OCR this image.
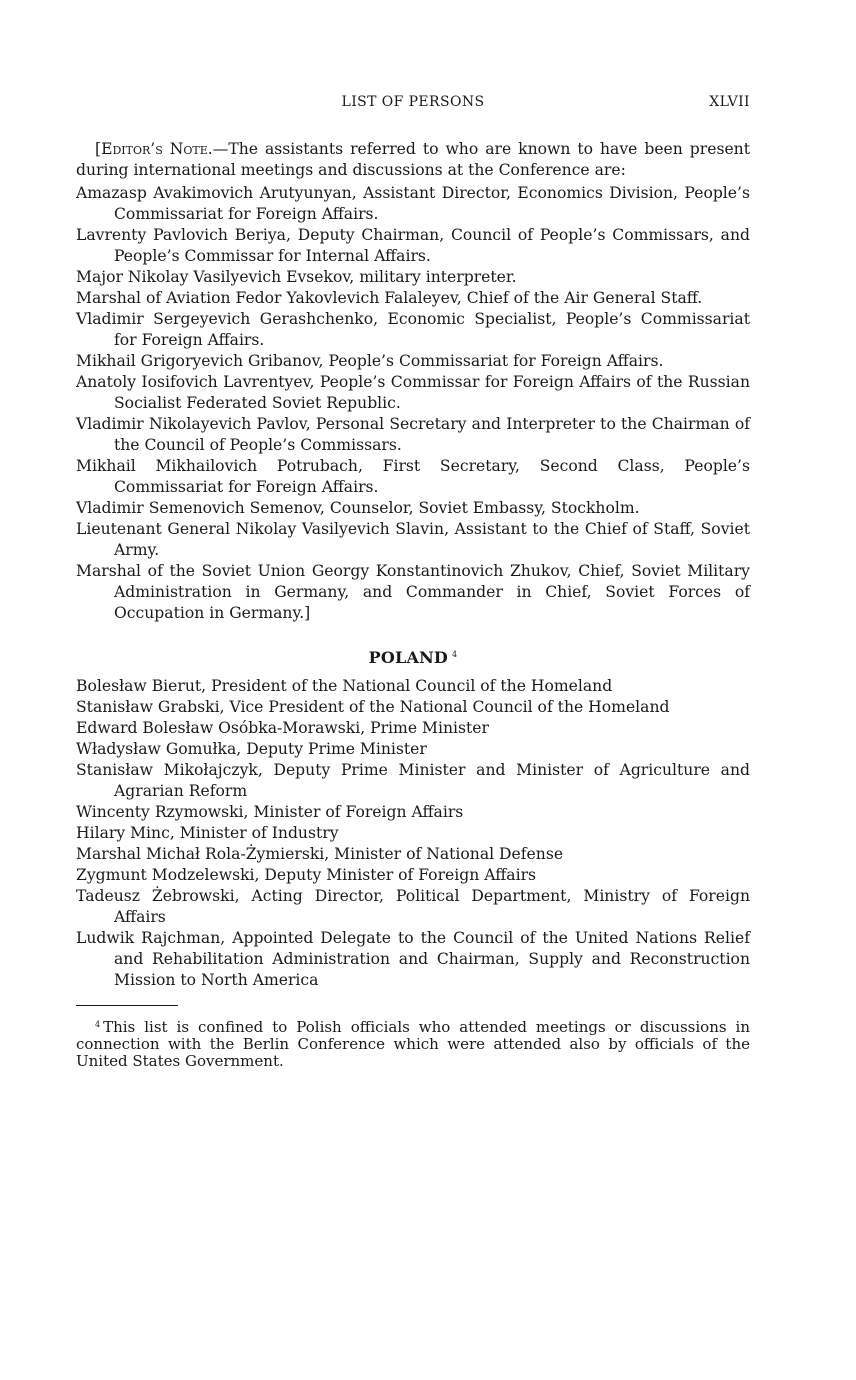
LIST OF PERSONS	XLVII

[Editor’s Note.—The assistants referred to who are known to have been present during international meetings and discussions at the Conference are:

Amazasp Avakimovich Arutyunyan, Assistant Director, Economics Division, People’s Commissariat for Foreign Affairs.

Lavrenty Pavlovich Beriya, Deputy Chairman, Council of People’s Commissars, and People’s Commissar for Internal Affairs.

Major Nikolay Vasilyevich Evsekov, military interpreter.

Marshal of Aviation Fedor Yakovlevich Falaleyev, Chief of the Air General Staff.

Vladimir Sergeyevich Gerashchenko, Economic Specialist, People’s Commissariat for Foreign Affairs.

Mikhail Grigoryevich Gribanov, People’s Commissariat for Foreign Affairs.

Anatoly Iosifovich Lavrentyev, People’s Commissar for Foreign Affairs of the Russian Socialist Federated Soviet Republic.

Vladimir Nikolayevich Pavlov, Personal Secretary and Interpreter to the Chairman of the Council of People’s Commissars.

Mikhail Mikhailovich Potrubach, First Secretary, Second Class, People’s Commissariat for Foreign Affairs.

Vladimir Semenovich Semenov, Counselor, Soviet Embassy, Stockholm.

Lieutenant General Nikolay Vasilyevich Slavin, Assistant to the Chief of Staff, Soviet Army.

Marshal of the Soviet Union Georgy Konstantinovich Zhukov, Chief, Soviet Military Administration in Germany, and Commander in Chief, Soviet Forces of Occupation in Germany.]

POLAND $^4$

Bolesław Bierut, President of the National Council of the Homeland

Stanisław Grabski, Vice President of the National Council of the Homeland

Edward Bolesław Osóbka-Morawski, Prime Minister

Władysław Gomułka, Deputy Prime Minister

Stanisław Mikołajczyk, Deputy Prime Minister and Minister of Agriculture and Agrarian Reform

Wincenty Rzymowski, Minister of Foreign Affairs

Hilary Minc, Minister of Industry

Marshal Michał Rola-Żymierski, Minister of National Defense

Zygmunt Modzelewski, Deputy Minister of Foreign Affairs

Tadeusz Żebrowski, Acting Director, Political Department, Ministry of Foreign Affairs

Ludwik Rajchman, Appointed Delegate to the Council of the United Nations Relief and Rehabilitation Administration and Chairman, Supply and Reconstruction Mission to North America

$^4$ This list is confined to Polish officials who attended meetings or discussions in connection with the Berlin Conference which were attended also by officials of the United States Government.
